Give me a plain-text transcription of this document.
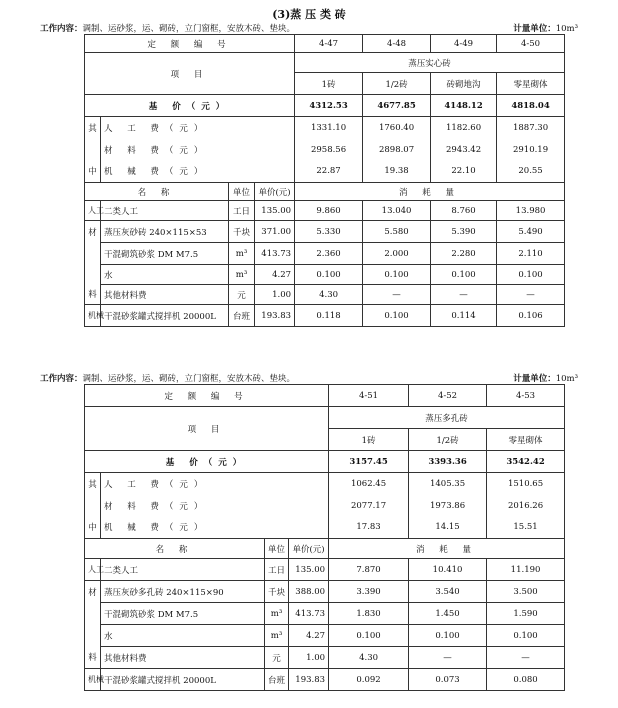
(3)蒸 压 类 砖
工作内容：调制、运砂浆，运、砌砖，立门窗框，安放木砖、垫块。	计量单位：10m³
定 额 编 号				4-47	4-48	4-49	4-50
项 目				蒸压实心砖			
				1砖	1/2砖	砖砌地沟	零星砌体
基 价（元）				4312.53	4677.85	4148.12	4818.04
其	人 工 费（元）			1331.10	1760.40	1182.60	1887.30
	材 料 费（元）			2958.56	2898.07	2943.42	2910.19
中	机 械 费（元）			22.87	19.38	22.10	20.55
名 称		单位	单价(元)	消 耗 量			
人工	二类人工	工日	135.00	9.860	13.040	8.760	13.980
材	蒸压灰砂砖 240×115×53	千块	371.00	5.330	5.580	5.390	5.490
	干混砌筑砂浆 DM M7.5	m³	413.73	2.360	2.000	2.280	2.110
	水	m³	4.27	0.100	0.100	0.100	0.100
料	其他材料费	元	1.00	4.30	—	—	—
机械	干混砂浆罐式搅拌机 20000L	台班	193.83	0.118	0.100	0.114	0.106
工作内容：调制、运砂浆，运、砌砖，立门窗框，安放木砖、垫块。	计量单位：10m³
定 额 编 号				4-51	4-52	4-53
项 目				蒸压多孔砖		
				1砖	1/2砖	零星砌体
基 价（元）				3157.45	3393.36	3542.42
其	人 工 费（元）			1062.45	1405.35	1510.65
	材 料 费（元）			2077.17	1973.86	2016.26
中	机 械 费（元）			17.83	14.15	15.51
名 称		单位	单价(元)	消 耗 量		
人工	二类人工	工日	135.00	7.870	10.410	11.190
材	蒸压灰砂多孔砖 240×115×90	千块	388.00	3.390	3.540	3.500
	干混砌筑砂浆 DM M7.5	m³	413.73	1.830	1.450	1.590
	水	m³	4.27	0.100	0.100	0.100
料	其他材料费	元	1.00	4.30	—	—
机械	干混砂浆罐式搅拌机 20000L	台班	193.83	0.092	0.073	0.080
